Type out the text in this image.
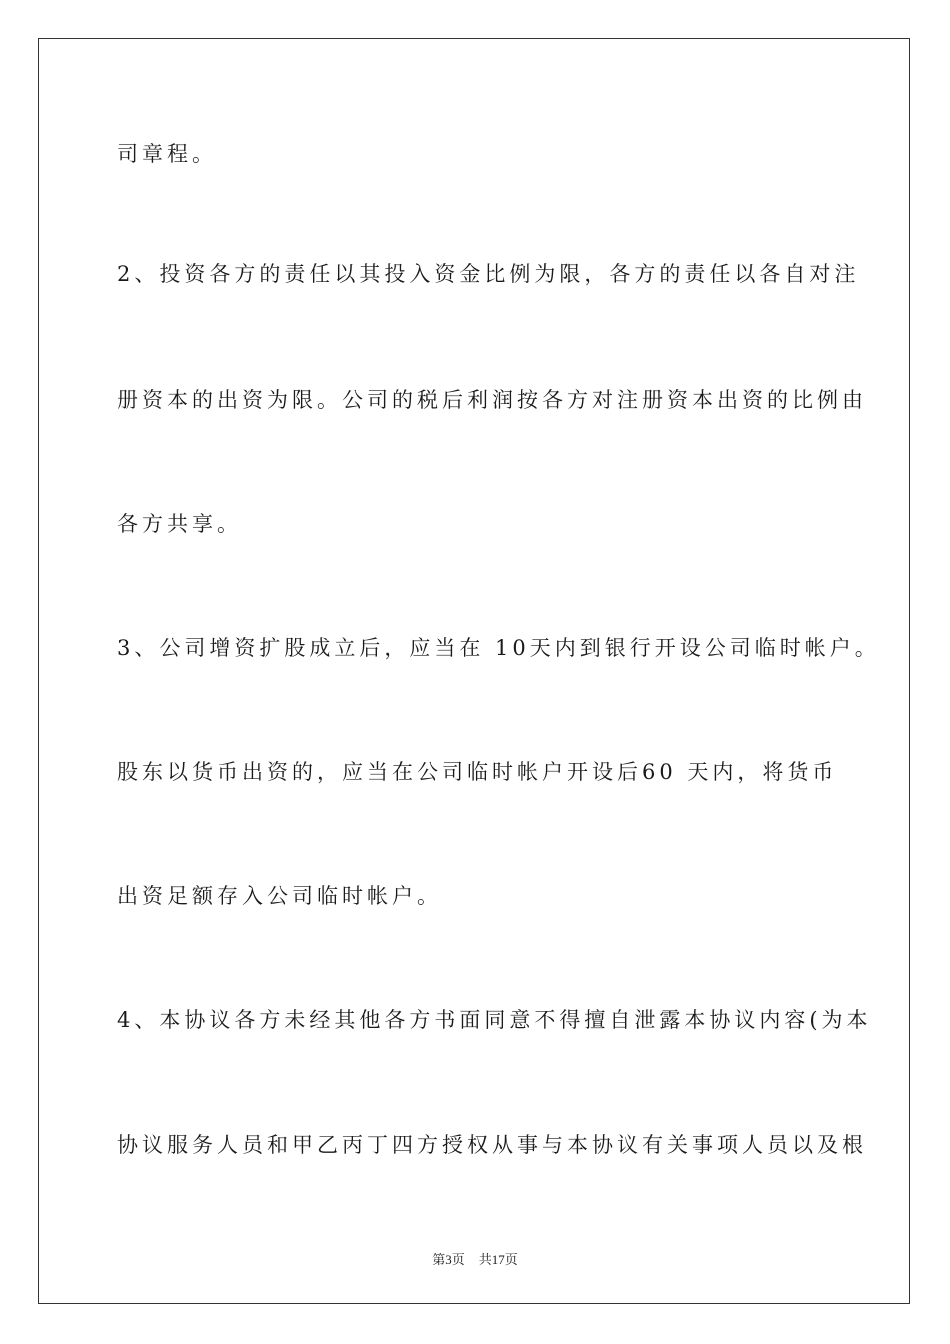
司章程。
2、投资各方的责任以其投入资金比例为限，各方的责任以各自对注
册资本的出资为限。公司的税后利润按各方对注册资本出资的比例由
各方共享。
3、公司增资扩股成立后，应当在 10天内到银行开设公司临时帐户。
股东以货币出资的，应当在公司临时帐户开设后60 天内，将货币
出资足额存入公司临时帐户。
4、本协议各方未经其他各方书面同意不得擅自泄露本协议内容(为本
协议服务人员和甲乙丙丁四方授权从事与本协议有关事项人员以及根
第3页 共17页
